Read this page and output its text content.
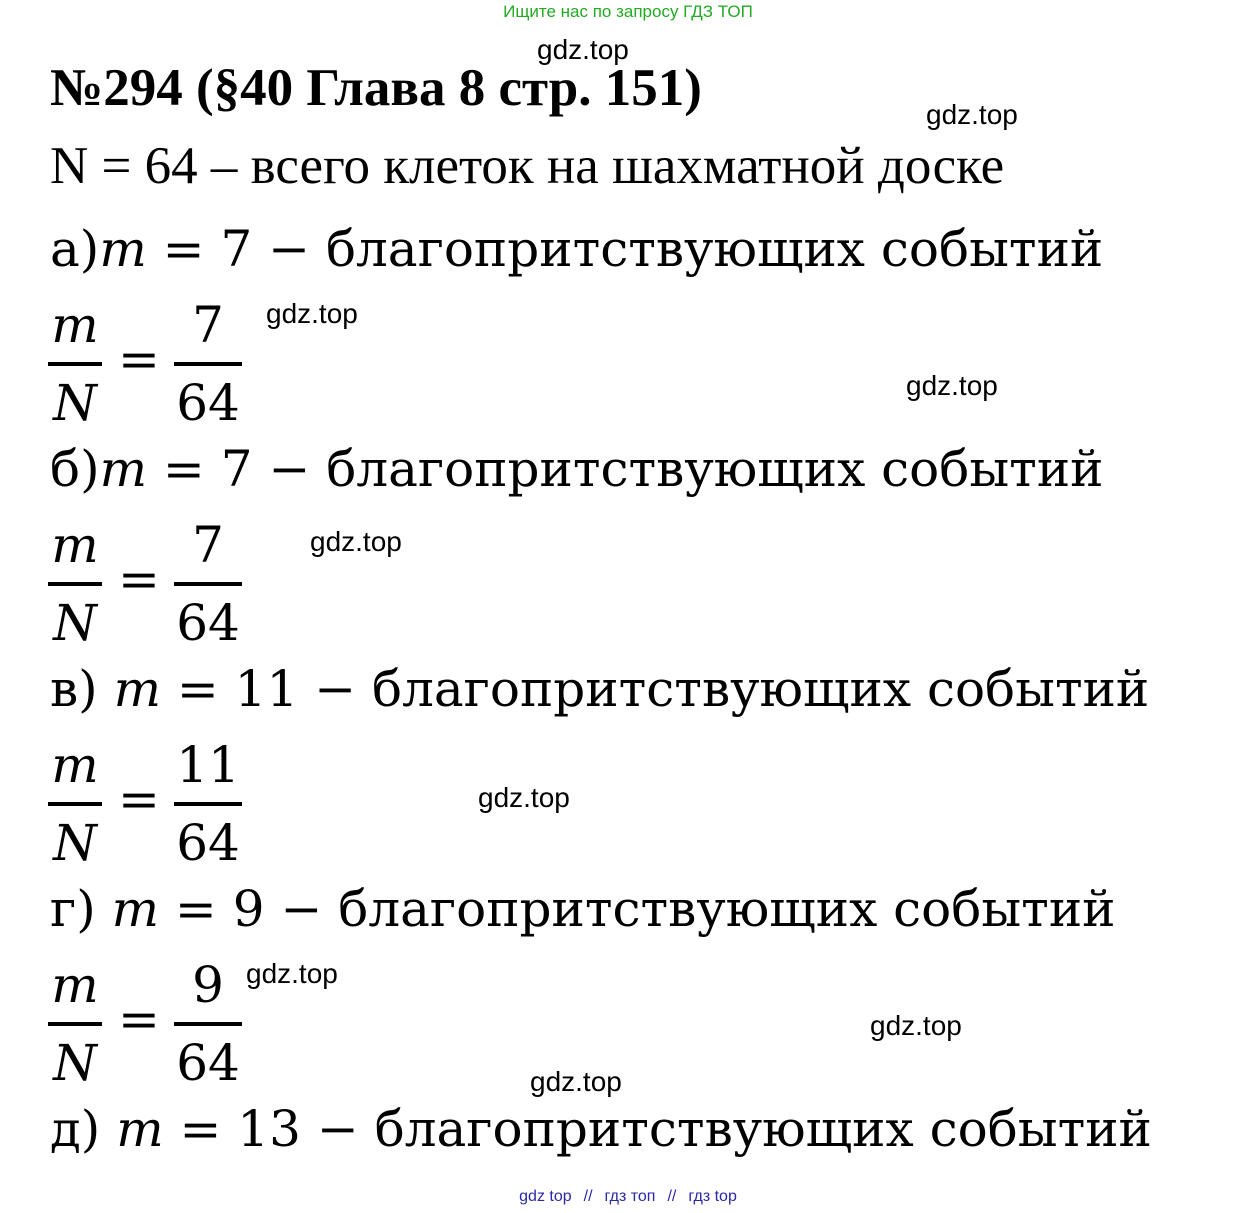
Ищите нас по запросу ГДЗ ТОП
№294 (§40 Глава 8 стр. 151)
N = 64 – всего клеток на шахматной доске
а)m = 7 − благопритствующих событий
m
N
=
7
64
б)m = 7 − благопритствующих событий
m
N
=
7
64
в) m = 11 − благопритствующих событий
m
N
=
11
64
г) m = 9 − благопритствующих событий
m
N
=
9
64
д) m = 13 − благопритствующих событий
gdz.top
gdz.top
gdz.top
gdz.top
gdz.top
gdz.top
gdz.top
gdz.top
gdz.top
gdz top // гдз топ // гдз top
